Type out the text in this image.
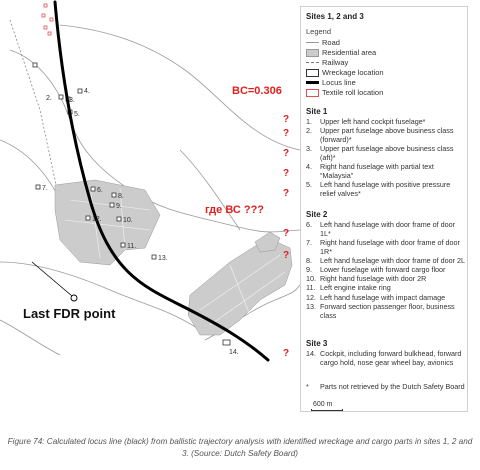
2. 3.
4.
5.
7.	6.
8.
9.
10.
12.
11.
13.
14.
BC=0.306
где ВС ???
Last FDR point
?
?
?
?
?
?
?
?
Sites 1, 2 and 3
Legend
Road
Residential area
Railway
Wreckage location
Locus line
Textile roll location
Site 1
1.	Upper left hand cockpit fuselage*
2.	Upper part fuselage above business class (forward)*
3.	Upper part fuselage above business class (aft)*
4.	Right hand fuselage with partial text “Malaysia”
5.	Left hand fuselage with positive pressure relief valves*
Site 2
6.	Left hand fuselage with door frame of door 1L*
7.	Right hand fuselage with door frame of door 1R*
8.	Left hand fuselage with door frame of door 2L
9.	Lower fuselage with forward cargo floor
10. Right hand fuselage with door 2R
11. Left engine intake ring
12. Left hand fuselage with impact damage
13. Forward section passenger floor, business class
Site 3
14. Cockpit, including forward bulkhead, forward cargo hold, nose gear wheel bay, avionics
*	Parts not retrieved by the Dutch Safety Board
600 m
Figure 74: Calculated locus line (black) from ballistic trajectory analysis with identified wreckage and cargo parts in sites 1, 2 and 3. (Source: Dutch Safety Board)
